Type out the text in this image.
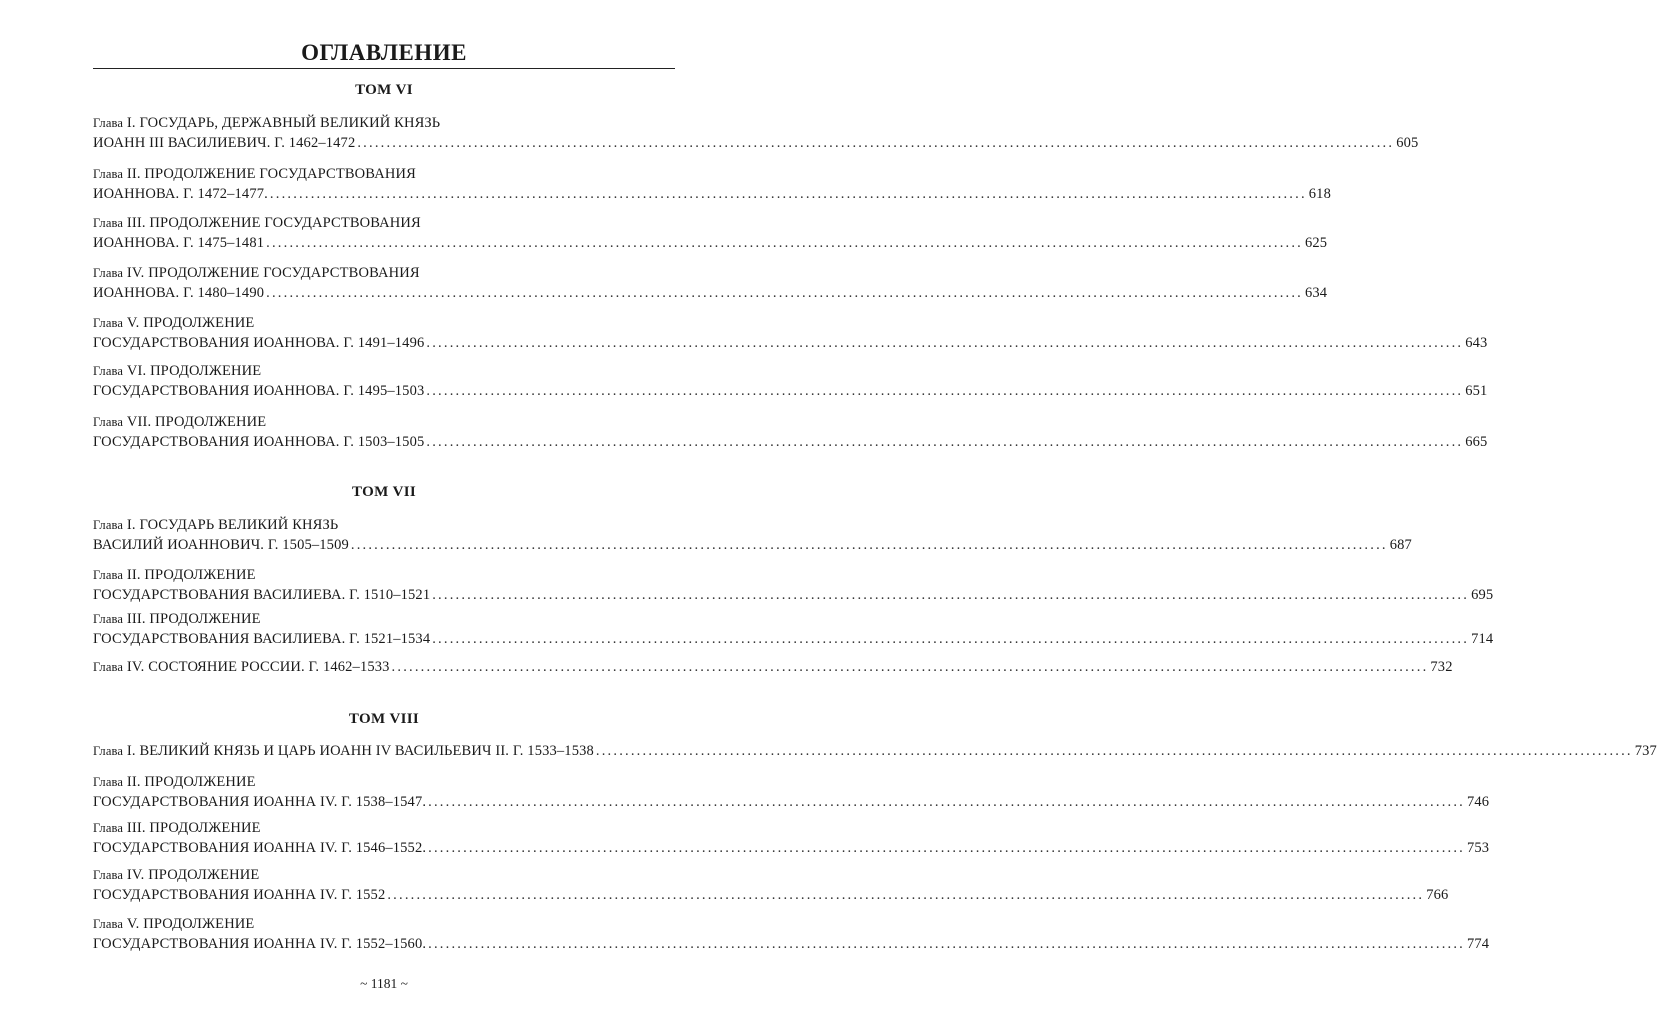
ОГЛАВЛЕНИЕ
ТОМ VI
Глава I. ГОСУДАРЬ, ДЕРЖАВНЫЙ ВЕЛИКИЙ КНЯЗЬ
ИОАНН III ВАСИЛИЕВИЧ. Г. 1462–1472 .................................................................................................................................................................................. 605
Глава II. ПРОДОЛЖЕНИЕ ГОСУДАРСТВОВАНИЯ
ИОАННОВА. Г. 1472–1477. .................................................................................................................................................................................. 618
Глава III. ПРОДОЛЖЕНИЕ ГОСУДАРСТВОВАНИЯ
ИОАННОВА. Г. 1475–1481 .................................................................................................................................................................................. 625
Глава IV. ПРОДОЛЖЕНИЕ ГОСУДАРСТВОВАНИЯ
ИОАННОВА. Г. 1480–1490 .................................................................................................................................................................................. 634
Глава V. ПРОДОЛЖЕНИЕ
ГОСУДАРСТВОВАНИЯ ИОАННОВА. Г. 1491–1496 .................................................................................................................................................................................. 643
Глава VI. ПРОДОЛЖЕНИЕ
ГОСУДАРСТВОВАНИЯ ИОАННОВА. Г. 1495–1503 .................................................................................................................................................................................. 651
Глава VII. ПРОДОЛЖЕНИЕ
ГОСУДАРСТВОВАНИЯ ИОАННОВА. Г. 1503–1505 .................................................................................................................................................................................. 665
ТОМ VII
Глава I. ГОСУДАРЬ ВЕЛИКИЙ КНЯЗЬ
ВАСИЛИЙ ИОАННОВИЧ. Г. 1505–1509 .................................................................................................................................................................................. 687
Глава II. ПРОДОЛЖЕНИЕ
ГОСУДАРСТВОВАНИЯ ВАСИЛИЕВА. Г. 1510–1521 .................................................................................................................................................................................. 695
Глава III. ПРОДОЛЖЕНИЕ
ГОСУДАРСТВОВАНИЯ ВАСИЛИЕВА. Г. 1521–1534 .................................................................................................................................................................................. 714
Глава
IV.
СОСТОЯНИЕ РОССИИ. Г. 1462–1533 .................................................................................................................................................................................. 732
ТОМ VIII
Глава
I.
ВЕЛИКИЙ КНЯЗЬ И ЦАРЬ ИОАНН IV ВАСИЛЬЕВИЧ II. Г. 1533–1538 .................................................................................................................................................................................. 737
Глава II. ПРОДОЛЖЕНИЕ
ГОСУДАРСТВОВАНИЯ ИОАННА IV. Г. 1538–1547. .................................................................................................................................................................................. 746
Глава III. ПРОДОЛЖЕНИЕ
ГОСУДАРСТВОВАНИЯ ИОАННА IV. Г. 1546–1552. .................................................................................................................................................................................. 753
Глава IV. ПРОДОЛЖЕНИЕ
ГОСУДАРСТВОВАНИЯ ИОАННА IV. Г. 1552 .................................................................................................................................................................................. 766
Глава V. ПРОДОЛЖЕНИЕ
ГОСУДАРСТВОВАНИЯ ИОАННА IV. Г. 1552–1560. .................................................................................................................................................................................. 774
~ 1181 ~
